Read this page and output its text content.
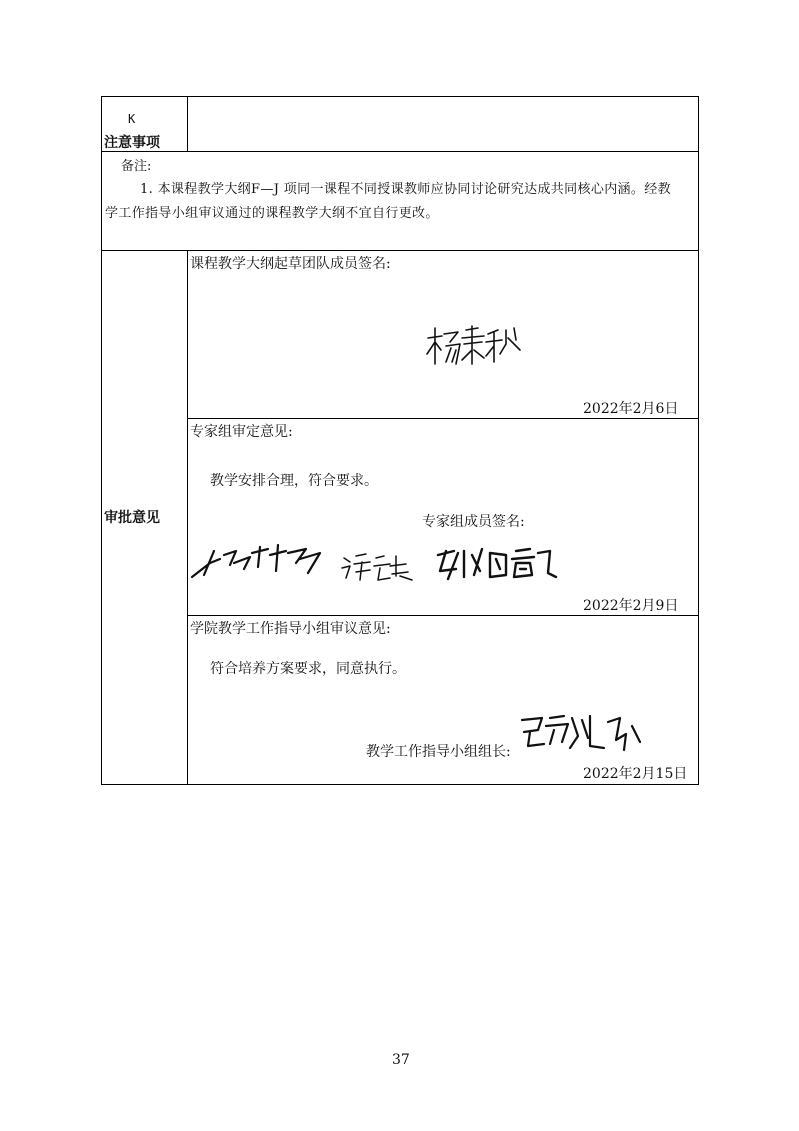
K
注意事项
备注:
1. 本课程教学大纲F—J 项同一课程不同授课教师应协同讨论研究达成共同核心内涵。经教
学工作指导小组审议通过的课程教学大纲不宜自行更改。
审批意见
课程教学大纲起草团队成员签名:
2022年2月6日
专家组审定意见:
教学安排合理，符合要求。
专家组成员签名:
2022年2月9日
学院教学工作指导小组审议意见:
符合培养方案要求，同意执行。
教学工作指导小组组长:
2022年2月15日
37
